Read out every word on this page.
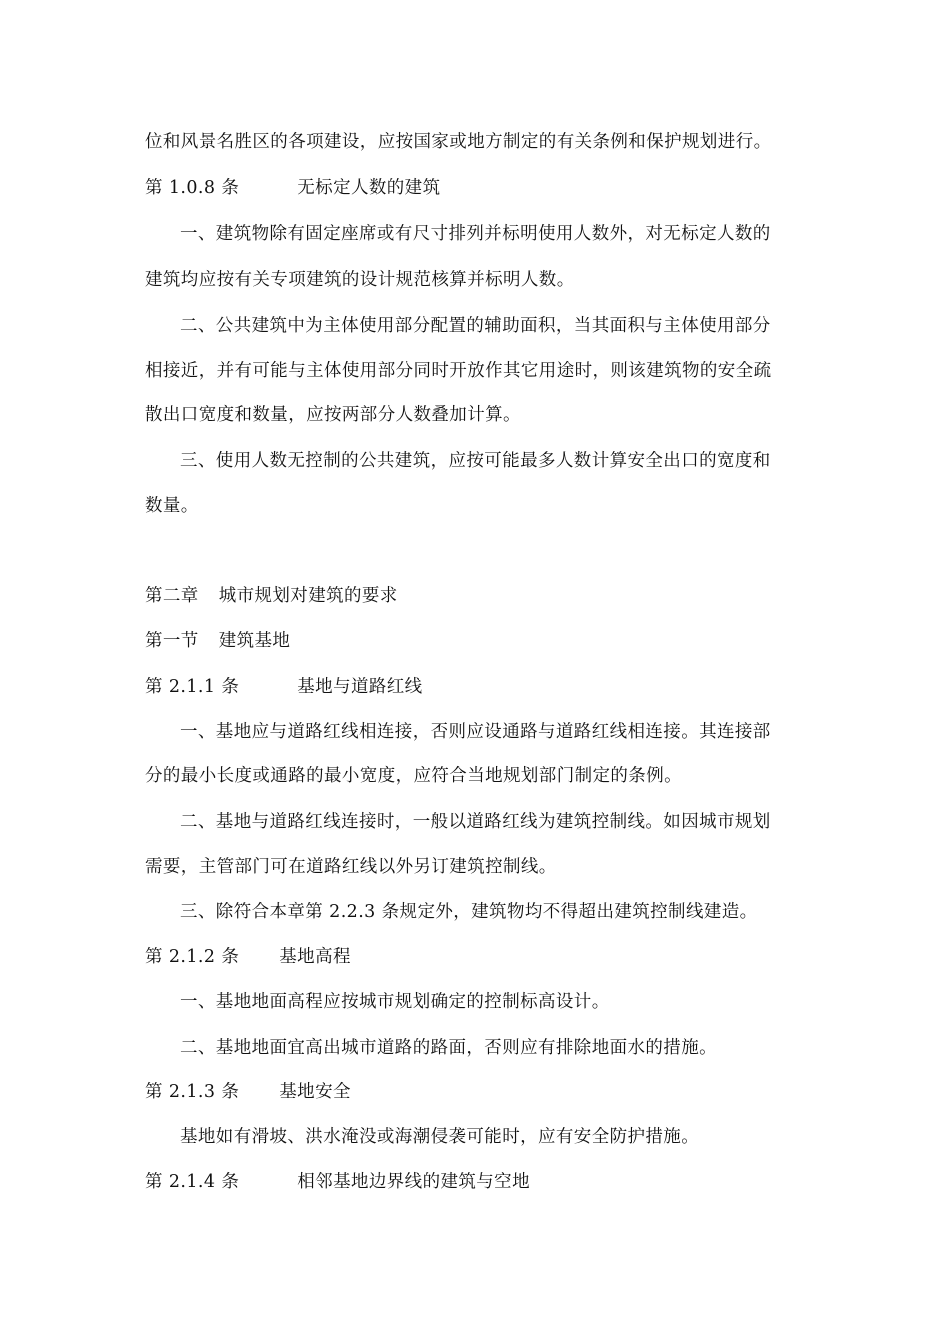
位和风景名胜区的各项建设，应按国家或地方制定的有关条例和保护规划进行。
第 1.0.8 条	无标定人数的建筑
一、建筑物除有固定座席或有尺寸排列并标明使用人数外，对无标定人数的
建筑均应按有关专项建筑的设计规范核算并标明人数。
二、公共建筑中为主体使用部分配置的辅助面积，当其面积与主体使用部分
相接近，并有可能与主体使用部分同时开放作其它用途时，则该建筑物的安全疏
散出口宽度和数量，应按两部分人数叠加计算。
三、使用人数无控制的公共建筑，应按可能最多人数计算安全出口的宽度和
数量。
第二章 城市规划对建筑的要求
第一节 建筑基地
第 2.1.1 条	基地与道路红线
一、基地应与道路红线相连接，否则应设通路与道路红线相连接。其连接部
分的最小长度或通路的最小宽度，应符合当地规划部门制定的条例。
二、基地与道路红线连接时，一般以道路红线为建筑控制线。如因城市规划
需要，主管部门可在道路红线以外另订建筑控制线。
三、除符合本章第 2.2.3 条规定外，建筑物均不得超出建筑控制线建造。
第 2.1.2 条 基地高程
一、基地地面高程应按城市规划确定的控制标高设计。
二、基地地面宜高出城市道路的路面，否则应有排除地面水的措施。
第 2.1.3 条 基地安全
基地如有滑坡、洪水淹没或海潮侵袭可能时，应有安全防护措施。
第 2.1.4 条	相邻基地边界线的建筑与空地
